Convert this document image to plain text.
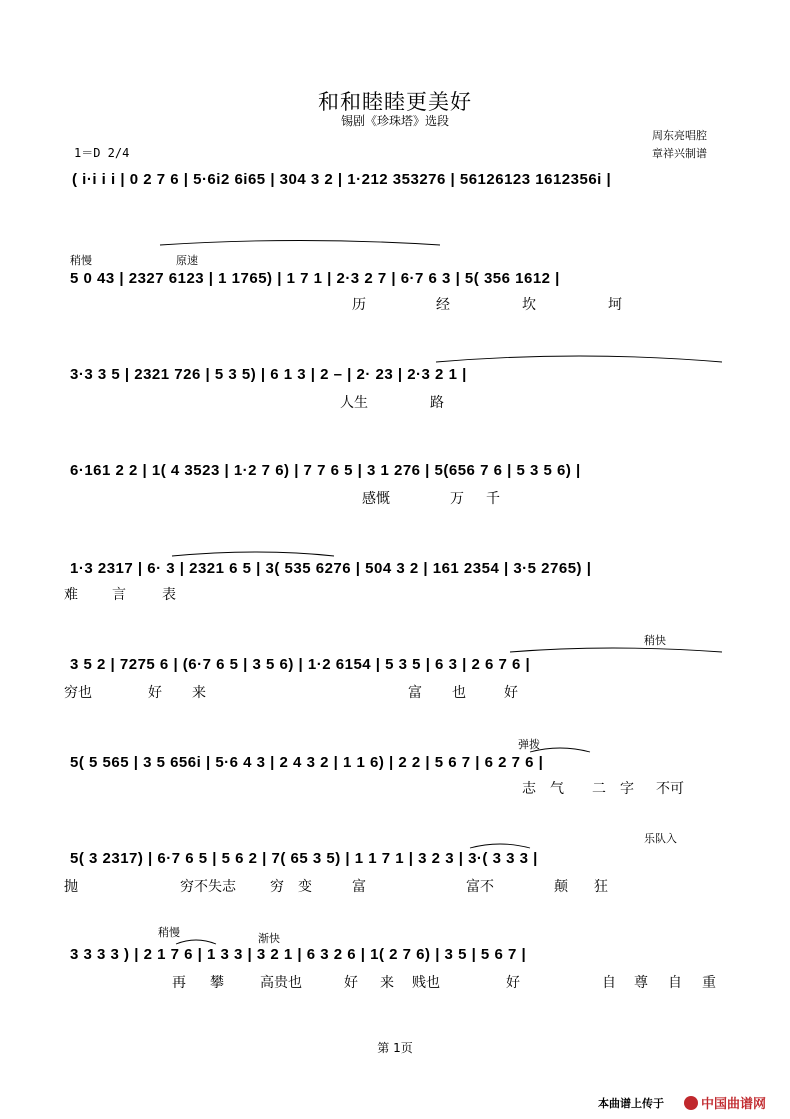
和和睦睦更美好
锡剧《珍珠塔》选段
周东亮唱腔
章祥兴制谱
1＝D 2/4
( i·i i i | 0 2 7 6 | 5·6i2 6i65 | 304 3 2 | 1·212 353276 | 56126123 1612356i |
稍慢	原速
5 0 43 | 2327 6123 | 1 1765) | 1 7 1 | 2·3 2 7 | 6·7 6 3 | 5( 356 1612 |
历	经	坎	坷
3·3 3 5 | 2321 726 | 5 3 5) | 6 1 3 | 2 – | 2· 23 | 2·3 2 1 |
人生	路
6·161 2 2 | 1( 4 3523 | 1·2 7 6) | 7 7 6 5 | 3 1 276 | 5(656 7 6 | 5 3 5 6) |
感慨	万 千
1·3 2317 | 6· 3 | 2321 6 5 | 3( 535 6276 | 504 3 2 | 161 2354 | 3·5 2765) |
难 言	表
稍快
3 5 2 | 7275 6 | (6·7 6 5 | 3 5 6) | 1·2 6154 | 5 3 5 | 6 3 | 2 6 7 6 |
穷也	好 来	富 也	好
弹拨
5( 5 565 | 3 5 656i | 5·6 4 3 | 2 4 3 2 | 1 1 6) | 2 2 | 5 6 7 | 6 2 7 6 |
志 气 二 字 不可
乐队入
5( 3 2317) | 6·7 6 5 | 5 6 2 | 7( 65 3 5) | 1 1 7 1 | 3 2 3 | 3·( 3 3 3 |
抛	穷不失志 穷 变	富	富不	颠 狂
稍慢	渐快
3 3 3 3 ) | 2 1 7 6 | 1 3 3 | 3 2 1 | 6 3 2 6 | 1( 2 7 6) | 3 5 | 5 6 7 |
再 攀	高贵也	好 来 贱也	好	自 尊 自 重
第 1页
本曲谱上传于	中国曲谱网
